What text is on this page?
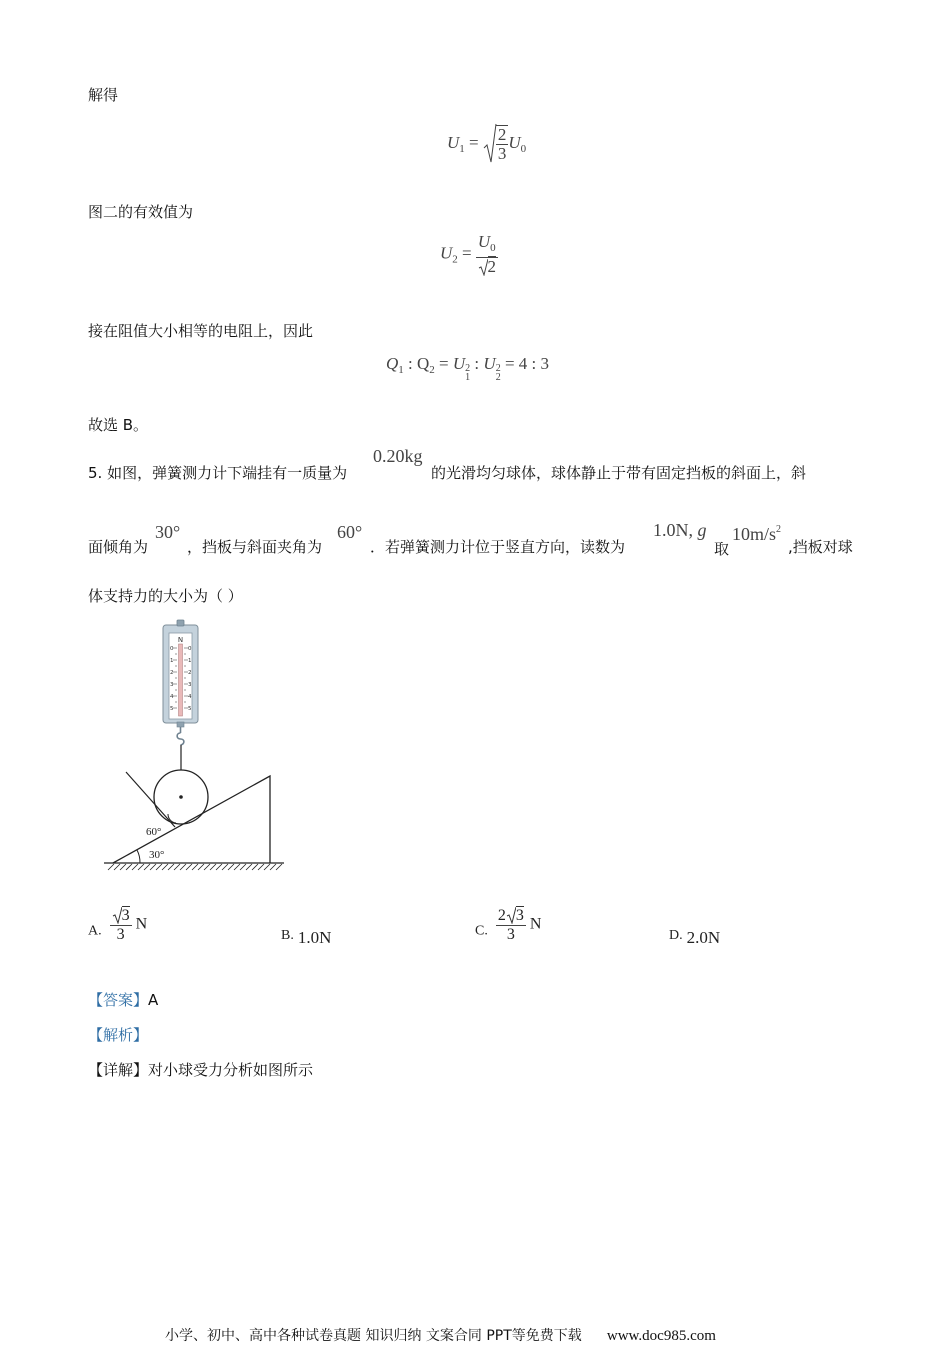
解得
$U_1 = \frac{2}{3} U_0$
图二的有效值为
$U_2 = \frac{U_0}{2}$
接在阻值大小相等的电阻上，因此
$Q_1$ : $Q_2 = U$ 2
1
: U 2
2
= 4 : 3
故选 B。
5. 如图，弹簧测力计下端挂有一质量为
0.20kg
的光滑均匀球体，球体静止于带有固定挡板的斜面上，斜
面倾角为
30°
，挡板与斜面夹角为
60°
．若弹簧测力计位于竖直方向，读数为
1.0N, g
取
$10m/s^2$
,挡板对球
体支持力的大小为（ ）
N
0
1
2
3
4
5
0
1
2
3
4
5
60°
30°
A. $\frac{3}{3}$ N
B. 1.0N	C. $\frac{2 3}{3}$ N
D. 2.0N
【答案】A
【解析】
【详解】对小球受力分析如图所示
小学、初中、高中各种试卷真题 知识归纳 文案合同 PPT等免费下载 www.doc985.com
